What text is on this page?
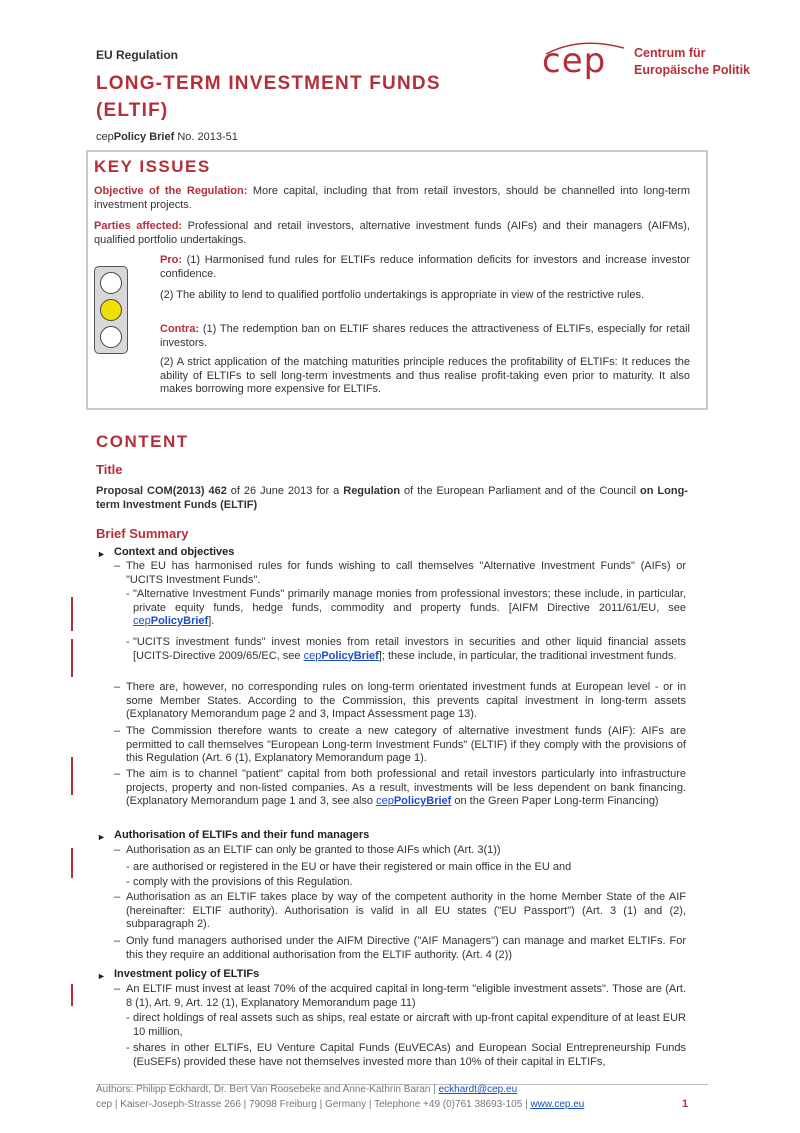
EU Regulation
LONG-TERM INVESTMENT FUNDS
(ELTIF)
cepPolicy Brief No. 2013-51
cep Centrum für
Europäische Politik
KEY ISSUES
Objective of the Regulation: More capital, including that from retail investors, should be channelled into long-term investment projects.
Parties affected: Professional and retail investors, alternative investment funds (AIFs) and their managers (AIFMs), qualified portfolio undertakings.
Pro: (1) Harmonised fund rules for ELTIFs reduce information deficits for investors and increase investor confidence.
(2) The ability to lend to qualified portfolio undertakings is appropriate in view of the restrictive rules.
Contra: (1) The redemption ban on ELTIF shares reduces the attractiveness of ELTIFs, especially for retail investors.
(2) A strict application of the matching maturities principle reduces the profitability of ELTIFs: It reduces the ability of ELTIFs to sell long-term investments and thus realise profit-taking even prior to maturity. It also makes borrowing more expensive for ELTIFs.
CONTENT
Title
Proposal COM(2013) 462 of 26 June 2013 for a Regulation of the European Parliament and of the Council on Long-term Investment Funds (ELTIF)
Brief Summary
► Context and objectives
– The EU has harmonised rules for funds wishing to call themselves "Alternative Investment Funds" (AIFs) or "UCITS Investment Funds".
- "Alternative Investment Funds" primarily manage monies from professional investors; these include, in particular, private equity funds, hedge funds, commodity and property funds. [AIFM Directive 2011/61/EU, see cepPolicyBrief].
- "UCITS investment funds" invest monies from retail investors in securities and other liquid financial assets [UCITS-Directive 2009/65/EC, see cepPolicyBrief]; these include, in particular, the traditional investment funds.
– There are, however, no corresponding rules on long-term orientated investment funds at European level - or in some Member States. According to the Commission, this prevents capital investment in long-term assets (Explanatory Memorandum page 2 and 3, Impact Assessment page 13).
– The Commission therefore wants to create a new category of alternative investment funds (AIF): AIFs are permitted to call themselves "European Long-term Investment Funds" (ELTIF) if they comply with the provisions of this Regulation (Art. 6 (1), Explanatory Memorandum page 1).
– The aim is to channel "patient" capital from both professional and retail investors particularly into infrastructure projects, property and non-listed companies. As a result, investments will be less dependent on bank financing. (Explanatory Memorandum page 1 and 3, see also cepPolicyBrief on the Green Paper Long-term Financing)
► Authorisation of ELTIFs and their fund managers
– Authorisation as an ELTIF can only be granted to those AIFs which (Art. 3(1))
- are authorised or registered in the EU or have their registered or main office in the EU and
- comply with the provisions of this Regulation.
– Authorisation as an ELTIF takes place by way of the competent authority in the home Member State of the AIF (hereinafter: ELTIF authority). Authorisation is valid in all EU states ("EU Passport") (Art. 3 (1) and (2), subparagraph 2).
– Only fund managers authorised under the AIFM Directive ("AIF Managers") can manage and market ELTIFs. For this they require an additional authorisation from the ELTIF authority. (Art. 4 (2))
► Investment policy of ELTIFs
– An ELTIF must invest at least 70% of the acquired capital in long-term "eligible investment assets". Those are (Art. 8 (1), Art. 9, Art. 12 (1), Explanatory Memorandum page 11)
- direct holdings of real assets such as ships, real estate or aircraft with up-front capital expenditure of at least EUR 10 million,
- shares in other ELTIFs, EU Venture Capital Funds (EuVECAs) and European Social Entrepreneurship Funds (EuSEFs) provided these have not themselves invested more than 10% of their capital in ELTIFs,
Authors: Philipp Eckhardt, Dr. Bert Van Roosebeke and Anne-Kathrin Baran | eckhardt@cep.eu
cep | Kaiser-Joseph-Strasse 266 | 79098 Freiburg | Germany | Telephone +49 (0)761 38693-105 | www.cep.eu	1
